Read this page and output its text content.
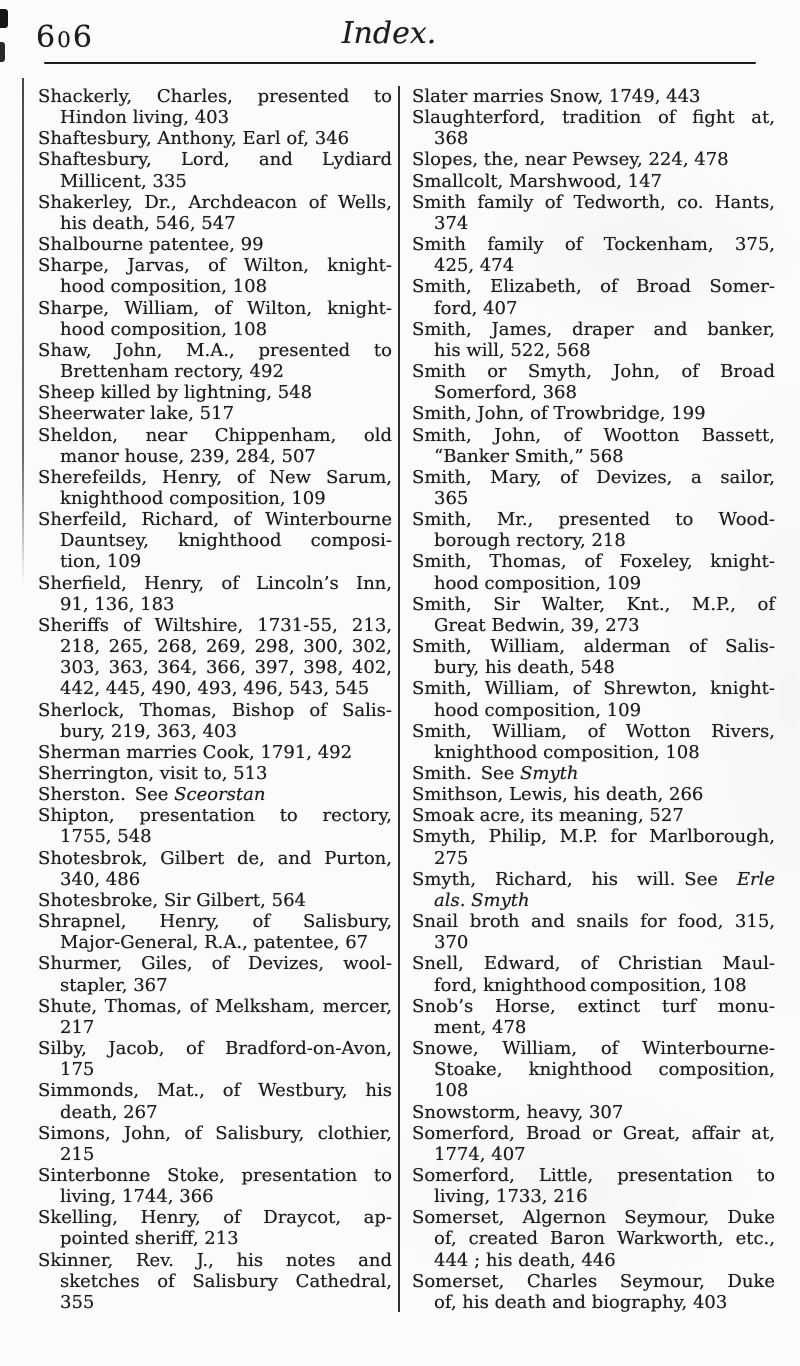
606	Index.
Shackerly, Charles, presented to
Hindon living, 403
Shaftesbury, Anthony, Earl of, 346
Shaftesbury, Lord, and Lydiard
Millicent, 335
Shakerley, Dr., Archdeacon of Wells,
his death, 546, 547
Shalbourne patentee, 99
Sharpe, Jarvas, of Wilton, knight-
hood composition, 108
Sharpe, William, of Wilton, knight-
hood composition, 108
Shaw, John, M.A., presented to
Brettenham rectory, 492
Sheep killed by lightning, 548
Sheerwater lake, 517
Sheldon, near Chippenham, old
manor house, 239, 284, 507
Sherefeilds, Henry, of New Sarum,
knighthood composition, 109
Sherfeild, Richard, of Winterbourne
Dauntsey, knighthood composi-
tion, 109
Sherfield, Henry, of Lincoln’s Inn,
91, 136, 183
Sheriffs of Wiltshire, 1731-55, 213,
218, 265, 268, 269, 298, 300, 302,
303, 363, 364, 366, 397, 398, 402,
442, 445, 490, 493, 496, 543, 545
Sherlock, Thomas, Bishop of Salis-
bury, 219, 363, 403
Sherman marries Cook, 1791, 492
Sherrington, visit to, 513
Sherston. See Sceorstan
Shipton, presentation to rectory,
1755, 548
Shotesbrok, Gilbert de, and Purton,
340, 486
Shotesbroke, Sir Gilbert, 564
Shrapnel, Henry, of Salisbury,
Major-General, R.A., patentee, 67
Shurmer, Giles, of Devizes, wool-
stapler, 367
Shute, Thomas, of Melksham, mercer,
217
Silby, Jacob, of Bradford-on-Avon,
175
Simmonds, Mat., of Westbury, his
death, 267
Simons, John, of Salisbury, clothier,
215
Sinterbonne Stoke, presentation to
living, 1744, 366
Skelling, Henry, of Draycot, ap-
pointed sheriff, 213
Skinner, Rev. J., his notes and
sketches of Salisbury Cathedral,
355
Slater marries Snow, 1749, 443
Slaughterford, tradition of fight at,
368
Slopes, the, near Pewsey, 224, 478
Smallcolt, Marshwood, 147
Smith family of Tedworth, co. Hants,
374
Smith family of Tockenham, 375,
425, 474
Smith, Elizabeth, of Broad Somer-
ford, 407
Smith, James, draper and banker,
his will, 522, 568
Smith or Smyth, John, of Broad
Somerford, 368
Smith, John, of Trowbridge, 199
Smith, John, of Wootton Bassett,
“Banker Smith,” 568
Smith, Mary, of Devizes, a sailor,
365
Smith, Mr., presented to Wood-
borough rectory, 218
Smith, Thomas, of Foxeley, knight-
hood composition, 109
Smith, Sir Walter, Knt., M.P., of
Great Bedwin, 39, 273
Smith, William, alderman of Salis-
bury, his death, 548
Smith, William, of Shrewton, knight-
hood composition, 109
Smith, William, of Wotton Rivers,
knighthood composition, 108
Smith. See Smyth
Smithson, Lewis, his death, 266
Smoak acre, its meaning, 527
Smyth, Philip, M.P. for Marlborough,
275
Smyth, Richard, his will. See Erle
als. Smyth
Snail broth and snails for food, 315,
370
Snell, Edward, of Christian Maul-
ford, knighthood composition, 108
Snob’s Horse, extinct turf monu-
ment, 478
Snowe, William, of Winterbourne-
Stoake, knighthood composition,
108
Snowstorm, heavy, 307
Somerford, Broad or Great, affair at,
1774, 407
Somerford, Little, presentation to
living, 1733, 216
Somerset, Algernon Seymour, Duke
of, created Baron Warkworth, etc.,
444 ; his death, 446
Somerset, Charles Seymour, Duke
of, his death and biography, 403
